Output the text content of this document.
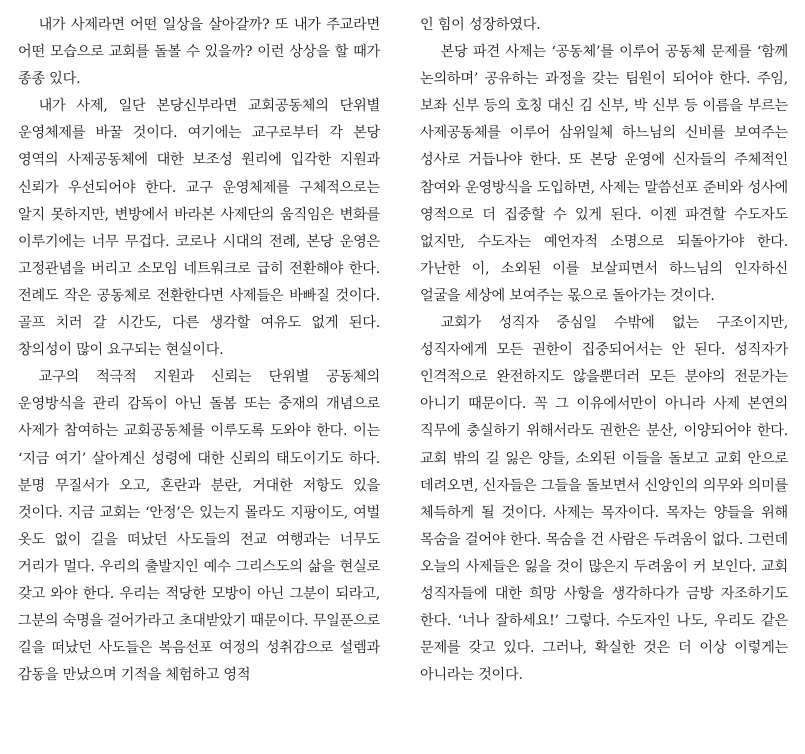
내가 사제라면 어떤 일상을 살아갈까? 또 내가 주교라면 어떤 모습으로 교회를 돌볼 수 있을까? 이런 상상을 할 때가 종종 있다.

내가 사제, 일단 본당신부라면 교회공동체의 단위별 운영체제를 바꿀 것이다. 여기에는 교구로부터 각 본당 영역의 사제공동체에 대한 보조성 원리에 입각한 지원과 신뢰가 우선되어야 한다. 교구 운영체제를 구체적으로는 알지 못하지만, 변방에서 바라본 사제단의 움직임은 변화를 이루기에는 너무 무겁다. 코로나 시대의 전례, 본당 운영은 고정관념을 버리고 소모임 네트워크로 급히 전환해야 한다. 전례도 작은 공동체로 전환한다면 사제들은 바빠질 것이다. 골프 치러 갈 시간도, 다른 생각할 여유도 없게 된다. 창의성이 많이 요구되는 현실이다.

교구의 적극적 지원과 신뢰는 단위별 공동체의 운영방식을 관리 감독이 아닌 돌봄 또는 중재의 개념으로 사제가 참여하는 교회공동체를 이루도록 도와야 한다. 이는 ‘지금 여기’ 살아계신 성령에 대한 신뢰의 태도이기도 하다. 분명 무질서가 오고, 혼란과 분란, 거대한 저항도 있을 것이다. 지금 교회는 ‘안정’은 있는지 몰라도 지팡이도, 여벌 옷도 없이 길을 떠났던 사도들의 전교 여행과는 너무도 거리가 멀다. 우리의 출발지인 예수 그리스도의 삶을 현실로 갖고 와야 한다. 우리는 적당한 모방이 아닌 그분이 되라고, 그분의 숙명을 걸어가라고 초대받았기 때문이다. 무일푼으로 길을 떠났던 사도들은 복음선포 여정의 성취감으로 설렘과 감동을 만났으며 기적을 체험하고 영적

인 힘이 성장하였다.

본당 파견 사제는 ‘공동체’를 이루어 공동체 문제를 ‘함께 논의하며’ 공유하는 과정을 갖는 팀원이 되어야 한다. 주임, 보좌 신부 등의 호칭 대신 김 신부, 박 신부 등 이름을 부르는 사제공동체를 이루어 삼위일체 하느님의 신비를 보여주는 성사로 거듭나야 한다. 또 본당 운영에 신자들의 주체적인 참여와 운영방식을 도입하면, 사제는 말씀선포 준비와 성사에 영적으로 더 집중할 수 있게 된다. 이젠 파견할 수도자도 없지만, 수도자는 예언자적 소명으로 되돌아가야 한다. 가난한 이, 소외된 이를 보살피면서 하느님의 인자하신 얼굴을 세상에 보여주는 몫으로 돌아가는 것이다.

교회가 성직자 중심일 수밖에 없는 구조이지만, 성직자에게 모든 권한이 집중되어서는 안 된다. 성직자가 인격적으로 완전하지도 않을뿐더러 모든 분야의 전문가는 아니기 때문이다. 꼭 그 이유에서만이 아니라 사제 본연의 직무에 충실하기 위해서라도 권한은 분산, 이양되어야 한다. 교회 밖의 길 잃은 양들, 소외된 이들을 돌보고 교회 안으로 데려오면, 신자들은 그들을 돌보면서 신앙인의 의무와 의미를 체득하게 될 것이다. 사제는 목자이다. 목자는 양들을 위해 목숨을 걸어야 한다. 목숨을 건 사람은 두려움이 없다. 그런데 오늘의 사제들은 잃을 것이 많은지 두려움이 커 보인다. 교회 성직자들에 대한 희망 사항을 생각하다가 금방 자조하기도 한다. ‘너나 잘하세요!’ 그렇다. 수도자인 나도, 우리도 같은 문제를 갖고 있다. 그러나, 확실한 것은 더 이상 이렇게는 아니라는 것이다.
